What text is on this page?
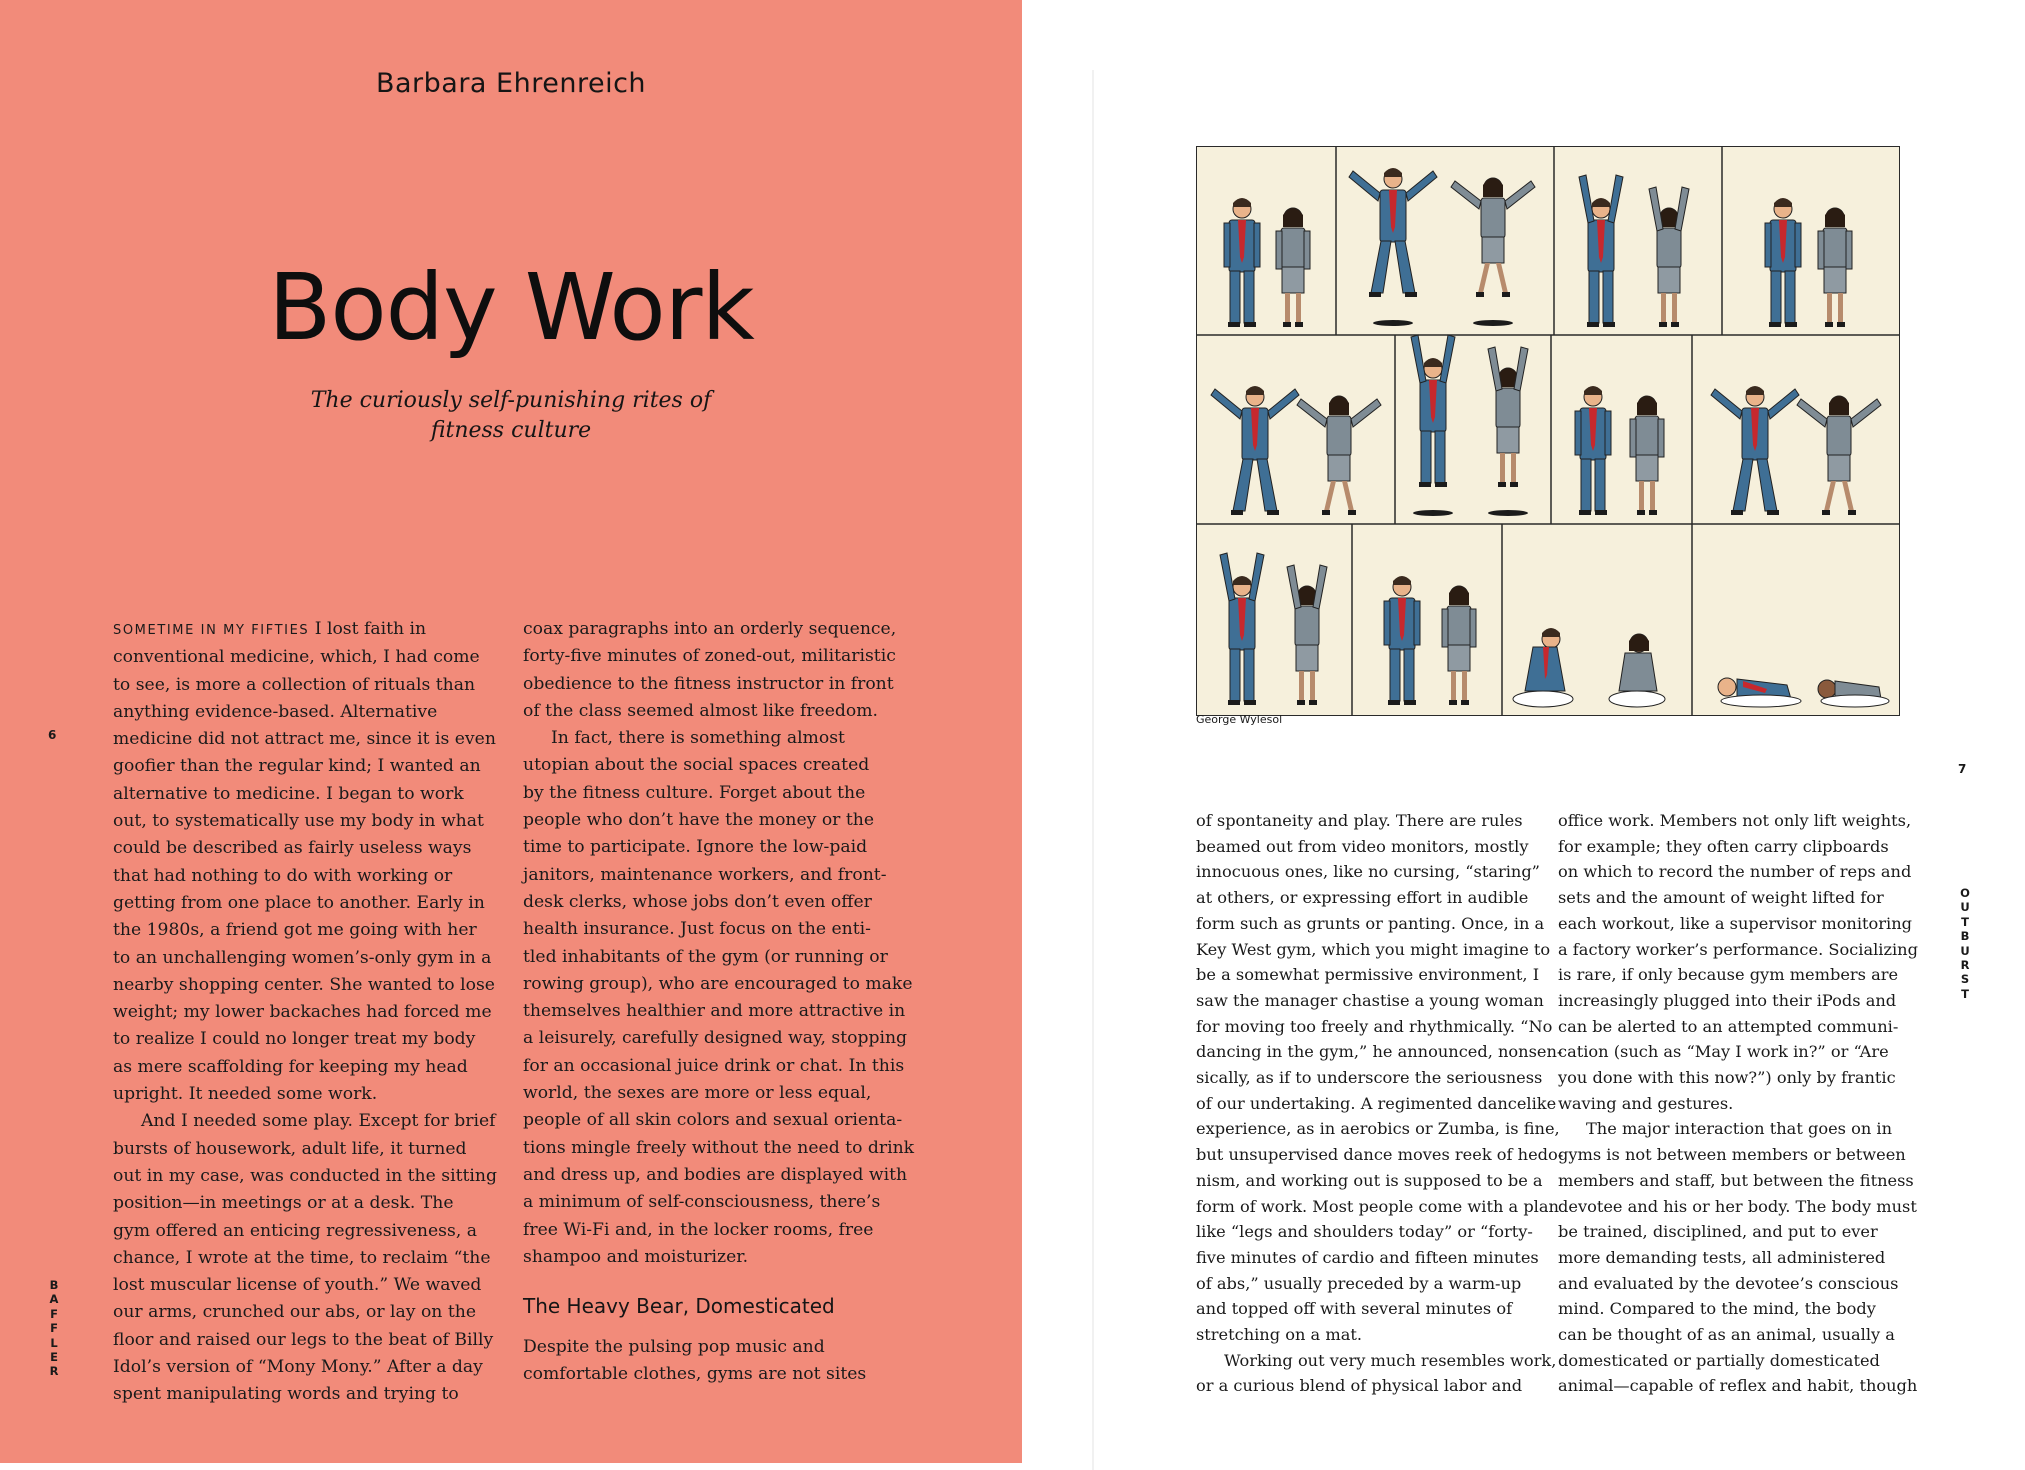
Barbara Ehrenreich
Body Work
The curiously self-punishing rites of
fitness culture
6
B
A
F
F
L
E
R

SOMETIME IN MY FIFTIES I lost faith in

conventional medicine, which, I had come

to see, is more a collection of rituals than

anything evidence-based. Alternative

medicine did not attract me, since it is even

goofier than the regular kind; I wanted an

alternative to medicine. I began to work

out, to systematically use my body in what

could be described as fairly useless ways

that had nothing to do with working or

getting from one place to another. Early in

the 1980s, a friend got me going with her

to an unchallenging women’s-only gym in a

nearby shopping center. She wanted to lose

weight; my lower backaches had forced me

to realize I could no longer treat my body

as mere scaffolding for keeping my head

upright. It needed some work.

And I needed some play. Except for brief

bursts of housework, adult life, it turned

out in my case, was conducted in the sitting

position—in meetings or at a desk. The

gym offered an enticing regressiveness, a

chance, I wrote at the time, to reclaim “the

lost muscular license of youth.” We waved

our arms, crunched our abs, or lay on the

floor and raised our legs to the beat of Billy

Idol’s version of “Mony Mony.” After a day

spent manipulating words and trying to

coax paragraphs into an orderly sequence,

forty-five minutes of zoned-out, militaristic

obedience to the fitness instructor in front

of the class seemed almost like freedom.

In fact, there is something almost

utopian about the social spaces created

by the fitness culture. Forget about the

people who don’t have the money or the

time to participate. Ignore the low-paid

janitors, maintenance workers, and front-

desk clerks, whose jobs don’t even offer

health insurance. Just focus on the enti-

tled inhabitants of the gym (or running or

rowing group), who are encouraged to make

themselves healthier and more attractive in

a leisurely, carefully designed way, stopping

for an occasional juice drink or chat. In this

world, the sexes are more or less equal,

people of all skin colors and sexual orienta-

tions mingle freely without the need to drink

and dress up, and bodies are displayed with

a minimum of self-consciousness, there’s

free Wi-Fi and, in the locker rooms, free

shampoo and moisturizer.

The Heavy Bear, Domesticated

Despite the pulsing pop music and

comfortable clothes, gyms are not sites

George Wylesol
7
O
U
T
B
U
R
S
T

of spontaneity and play. There are rules

beamed out from video monitors, mostly

innocuous ones, like no cursing, “staring”

at others, or expressing effort in audible

form such as grunts or panting. Once, in a

Key West gym, which you might imagine to

be a somewhat permissive environment, I

saw the manager chastise a young woman

for moving too freely and rhythmically. “No

dancing in the gym,” he announced, nonsen-

sically, as if to underscore the seriousness

of our undertaking. A regimented dancelike

experience, as in aerobics or Zumba, is fine,

but unsupervised dance moves reek of hedo-

nism, and working out is supposed to be a

form of work. Most people come with a plan

like “legs and shoulders today” or “forty-

five minutes of cardio and fifteen minutes

of abs,” usually preceded by a warm-up

and topped off with several minutes of

stretching on a mat.

Working out very much resembles work,

or a curious blend of physical labor and

office work. Members not only lift weights,

for example; they often carry clipboards

on which to record the number of reps and

sets and the amount of weight lifted for

each workout, like a supervisor monitoring

a factory worker’s performance. Socializing

is rare, if only because gym members are

increasingly plugged into their iPods and

can be alerted to an attempted communi-

cation (such as “May I work in?” or “Are

you done with this now?”) only by frantic

waving and gestures.

The major interaction that goes on in

gyms is not between members or between

members and staff, but between the fitness

devotee and his or her body. The body must

be trained, disciplined, and put to ever

more demanding tests, all administered

and evaluated by the devotee’s conscious

mind. Compared to the mind, the body

can be thought of as an animal, usually a

domesticated or partially domesticated

animal—capable of reflex and habit, though
